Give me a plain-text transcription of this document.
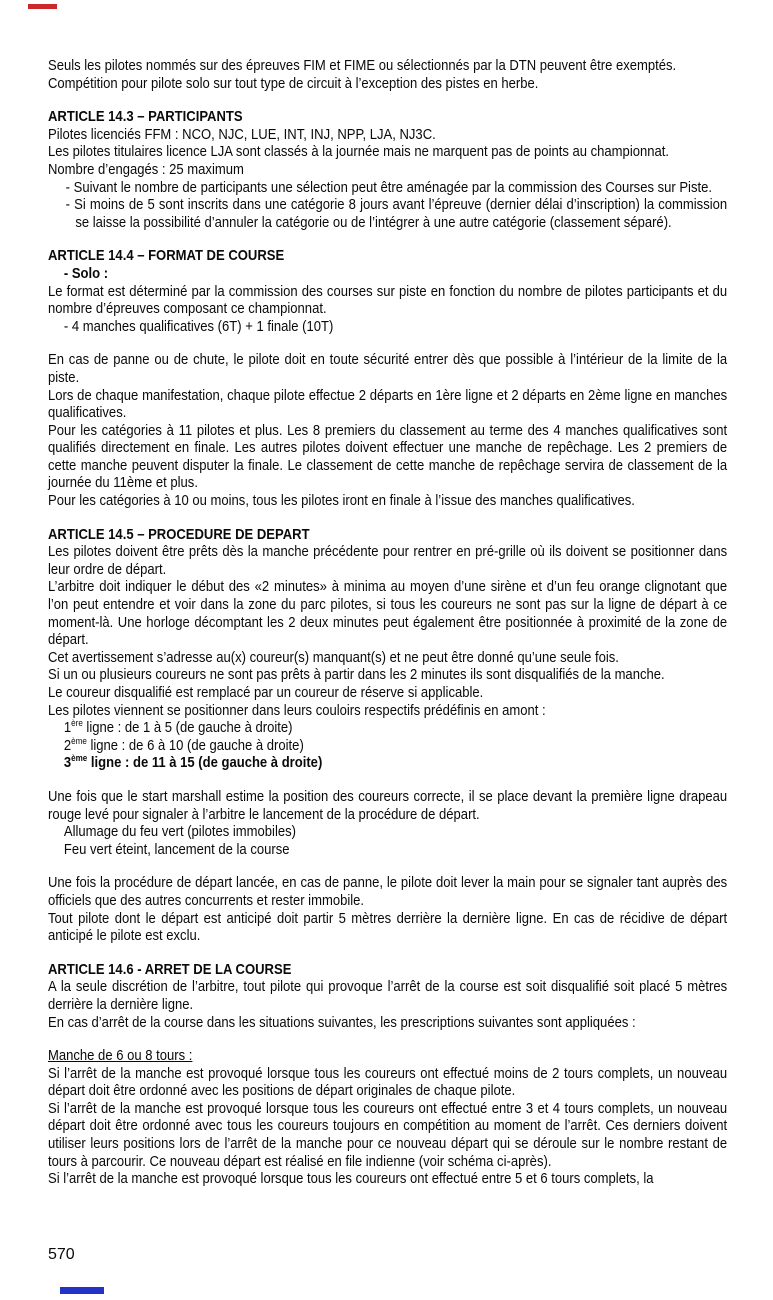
Seuls les pilotes nommés sur des épreuves FIM et FIME ou sélectionnés par la DTN peuvent être exemptés.

Compétition pour pilote solo sur tout type de circuit à l’exception des pistes en herbe.

ARTICLE 14.3 – PARTICIPANTS

Pilotes licenciés FFM : NCO, NJC, LUE, INT, INJ, NPP, LJA, NJ3C.

Les pilotes titulaires licence LJA sont classés à la journée mais ne marquent pas de points au championnat.

Nombre d’engagés : 25 maximum

- Suivant le nombre de participants une sélection peut être aménagée par la commission des Courses sur Piste.

- Si moins de 5 sont inscrits dans une catégorie 8 jours avant l’épreuve (dernier délai d’inscription) la commission se laisse la possibilité d’annuler la catégorie ou de l’intégrer à une autre catégorie (classement séparé).

ARTICLE 14.4 – FORMAT DE COURSE

- Solo :

Le format est déterminé par la commission des courses sur piste en fonction du nombre de pilotes participants et du nombre d’épreuves composant ce championnat.

- 4 manches qualificatives (6T) + 1 finale (10T)

En cas de panne ou de chute, le pilote doit en toute sécurité entrer dès que possible à l’intérieur de la limite de la piste.

Lors de chaque manifestation, chaque pilote effectue 2 départs en 1ère ligne et 2 départs en 2ème ligne en manches qualificatives.

Pour les catégories à 11 pilotes et plus. Les 8 premiers du classement au terme des 4 manches qualificatives sont qualifiés directement en finale. Les autres pilotes doivent effectuer une manche de repêchage. Les 2 premiers de cette manche peuvent disputer la finale. Le classement de cette manche de repêchage servira de classement de la journée du 11ème et plus.

Pour les catégories à 10 ou moins, tous les pilotes iront en finale à l’issue des manches qualificatives.

ARTICLE 14.5 – PROCEDURE DE DEPART

Les pilotes doivent être prêts dès la manche précédente pour rentrer en pré-grille où ils doivent se positionner dans leur ordre de départ.

L’arbitre doit indiquer le début des «2 minutes» à minima au moyen d’une sirène et d’un feu orange clignotant que l’on peut entendre et voir dans la zone du parc pilotes, si tous les coureurs ne sont pas sur la ligne de départ à ce moment-là. Une horloge décomptant les 2 deux minutes peut également être positionnée à proximité de la zone de départ.

Cet avertissement s’adresse au(x) coureur(s) manquant(s) et ne peut être donné qu’une seule fois.

Si un ou plusieurs coureurs ne sont pas prêts à partir dans les 2 minutes ils sont disqualifiés de la manche.

Le coureur disqualifié est remplacé par un coureur de réserve si applicable.

Les pilotes viennent se positionner dans leurs couloirs respectifs prédéfinis en amont :

1ère ligne : de 1 à 5 (de gauche à droite)

2ème ligne : de 6 à 10 (de gauche à droite)

3ème ligne : de 11 à 15 (de gauche à droite)

Une fois que le start marshall estime la position des coureurs correcte, il se place devant la première ligne drapeau rouge levé pour signaler à l’arbitre le lancement de la procédure de départ.

Allumage du feu vert (pilotes immobiles)

Feu vert éteint, lancement de la course

Une fois la procédure de départ lancée, en cas de panne, le pilote doit lever la main pour se signaler tant auprès des officiels que des autres concurrents et rester immobile.

Tout pilote dont le départ est anticipé doit partir 5 mètres derrière la dernière ligne. En cas de récidive de départ anticipé le pilote est exclu.

ARTICLE 14.6 - ARRET DE LA COURSE

A la seule discrétion de l’arbitre, tout pilote qui provoque l’arrêt de la course est soit disqualifié soit placé 5 mètres derrière la dernière ligne.

En cas d’arrêt de la course dans les situations suivantes, les prescriptions suivantes sont appliquées :

Manche de 6 ou 8 tours :

Si l’arrêt de la manche est provoqué lorsque tous les coureurs ont effectué moins de 2 tours complets, un nouveau départ doit être ordonné avec les positions de départ originales de chaque pilote.

Si l’arrêt de la manche est provoqué lorsque tous les coureurs ont effectué entre 3 et 4 tours complets, un nouveau départ doit être ordonné avec tous les coureurs toujours en compétition au moment de l’arrêt. Ces derniers doivent utiliser leurs positions lors de l’arrêt de la manche pour ce nouveau départ qui se déroule sur le nombre restant de tours à parcourir. Ce nouveau départ est réalisé en file indienne (voir schéma ci-après).

Si l’arrêt de la manche est provoqué lorsque tous les coureurs ont effectué entre 5 et 6 tours complets, la

570
